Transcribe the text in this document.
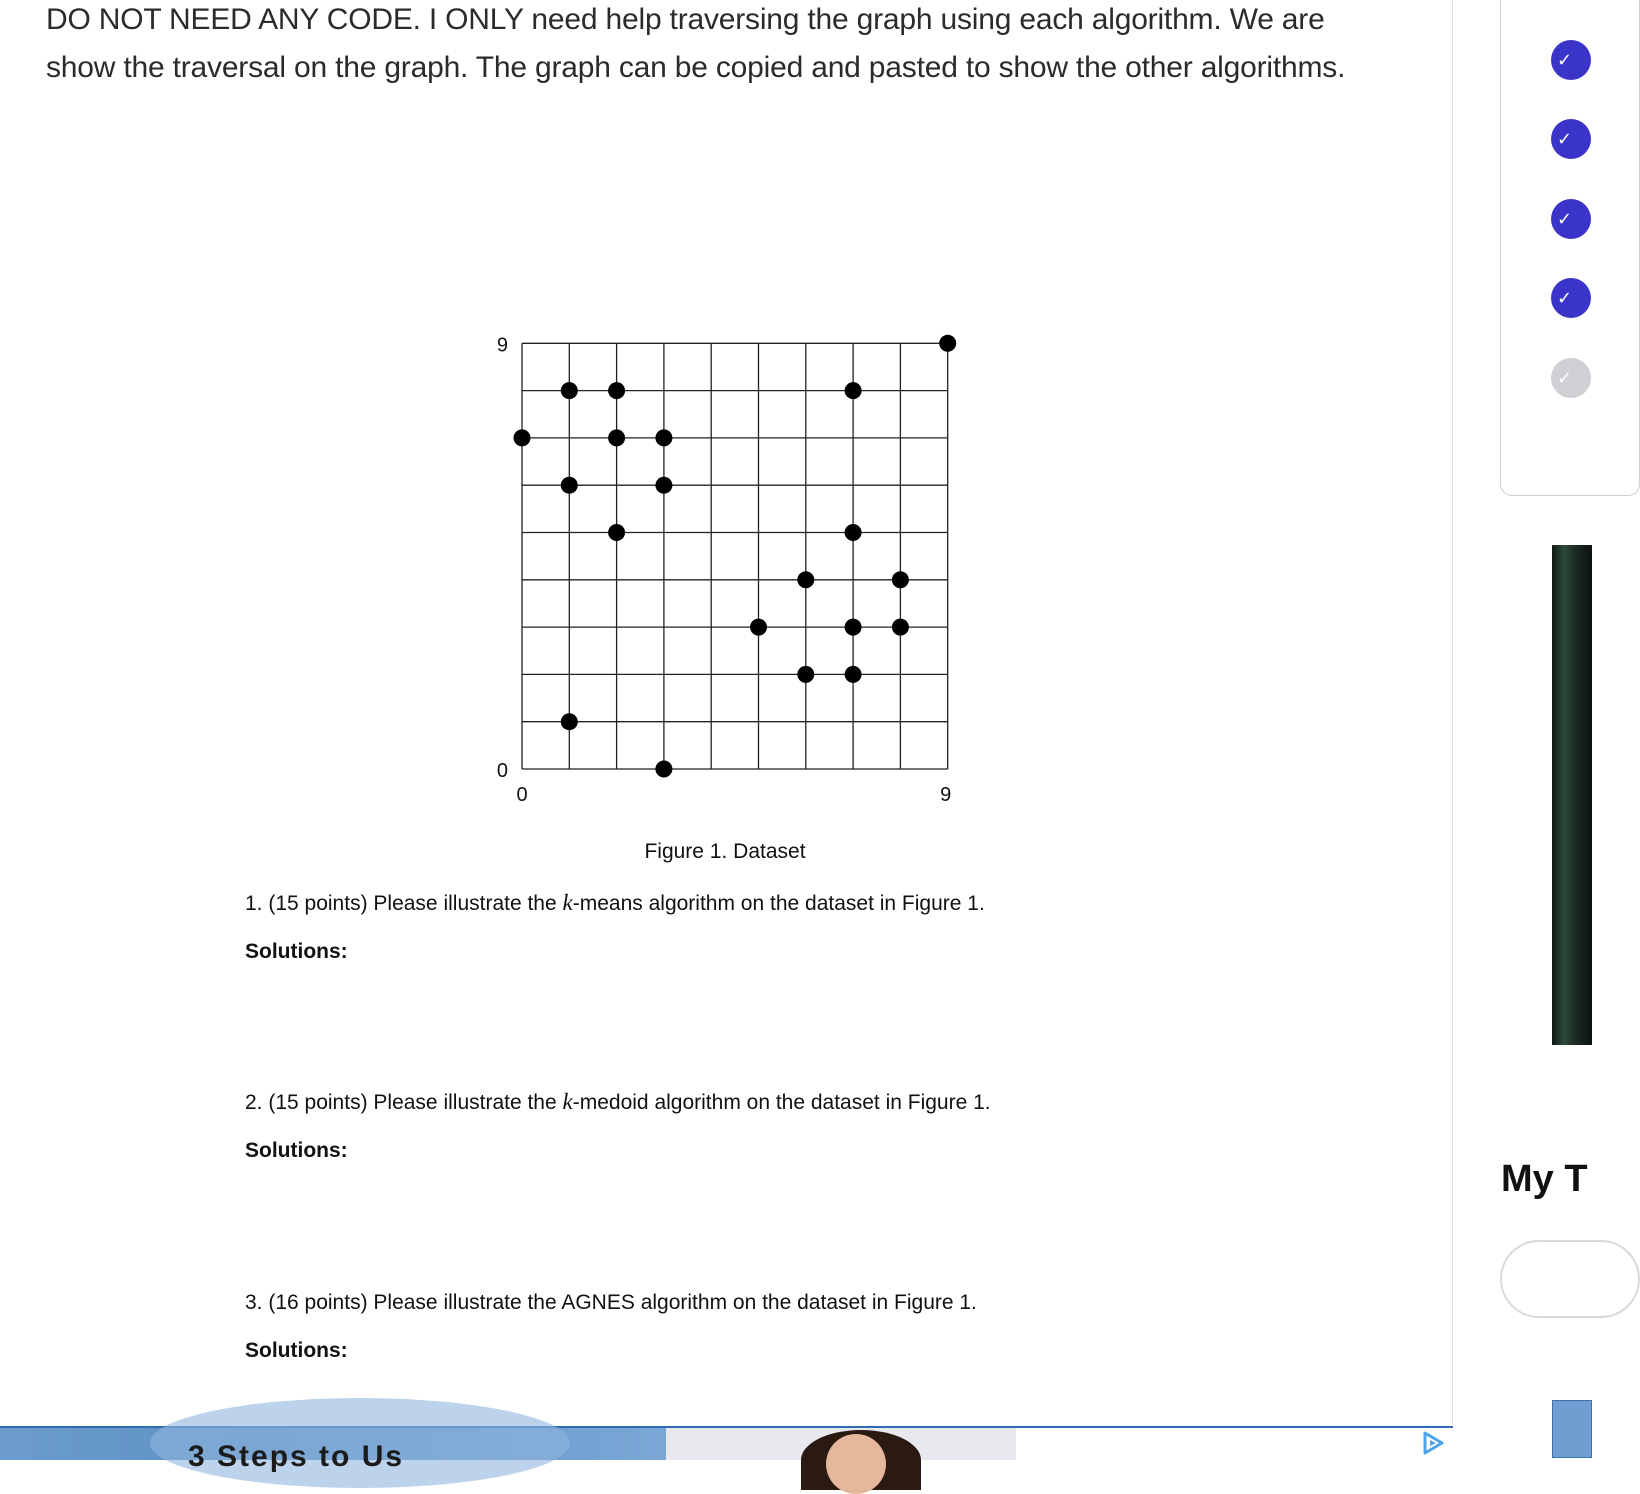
DO NOT NEED ANY CODE. I ONLY need help traversing the graph using each algorithm. We are show the traversal on the graph. The graph can be copied and pasted to show the other algorithms.

9
0
0	9
Figure 1. Dataset
1. (15 points) Please illustrate the k-means algorithm on the dataset in Figure 1.
Solutions:
2. (15 points) Please illustrate the k-medoid algorithm on the dataset in Figure 1.
Solutions:
3. (16 points) Please illustrate the AGNES algorithm on the dataset in Figure 1.
Solutions:
✓
✓
✓
✓
✓
My T
3 Steps to Us
